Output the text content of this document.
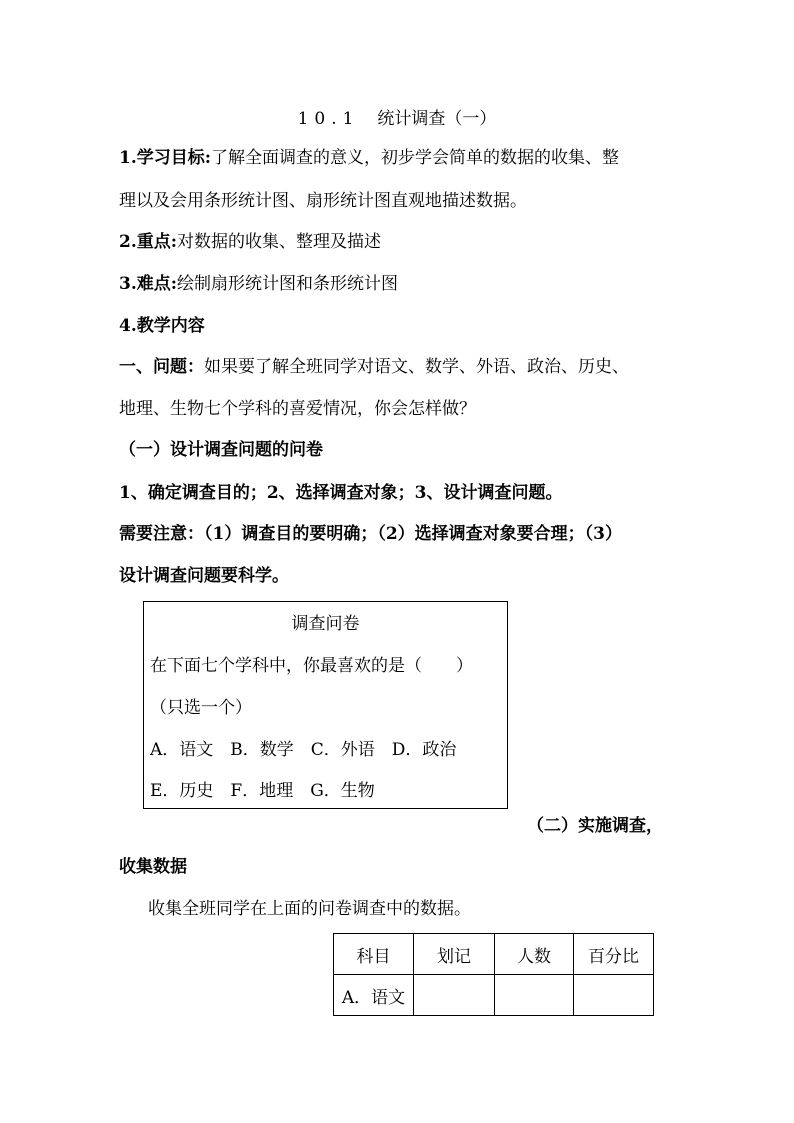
10.1 统计调查（一）
1.学习目标:了解全面调查的意义，初步学会简单的数据的收集、整
理以及会用条形统计图、扇形统计图直观地描述数据。
2.重点:对数据的收集、整理及描述
3.难点:绘制扇形统计图和条形统计图
4.教学内容
一、问题：如果要了解全班同学对语文、数学、外语、政治、历史、
地理、生物七个学科的喜爱情况，你会怎样做？
（一）设计调查问题的问卷
1、确定调查目的；2、选择调查对象；3、设计调查问题。
需要注意：（1）调查目的要明确；（2）选择调查对象要合理；（3）
设计调查问题要科学。
调查问卷
在下面七个学科中，你最喜欢的是（　　）
（只选一个）
A．语文　B．数学　C．外语　D．政治
E．历史　F．地理　G．生物
（二）实施调查，
收集数据
收集全班同学在上面的问卷调查中的数据。
科目	划记	人数	百分比
A．语文			
